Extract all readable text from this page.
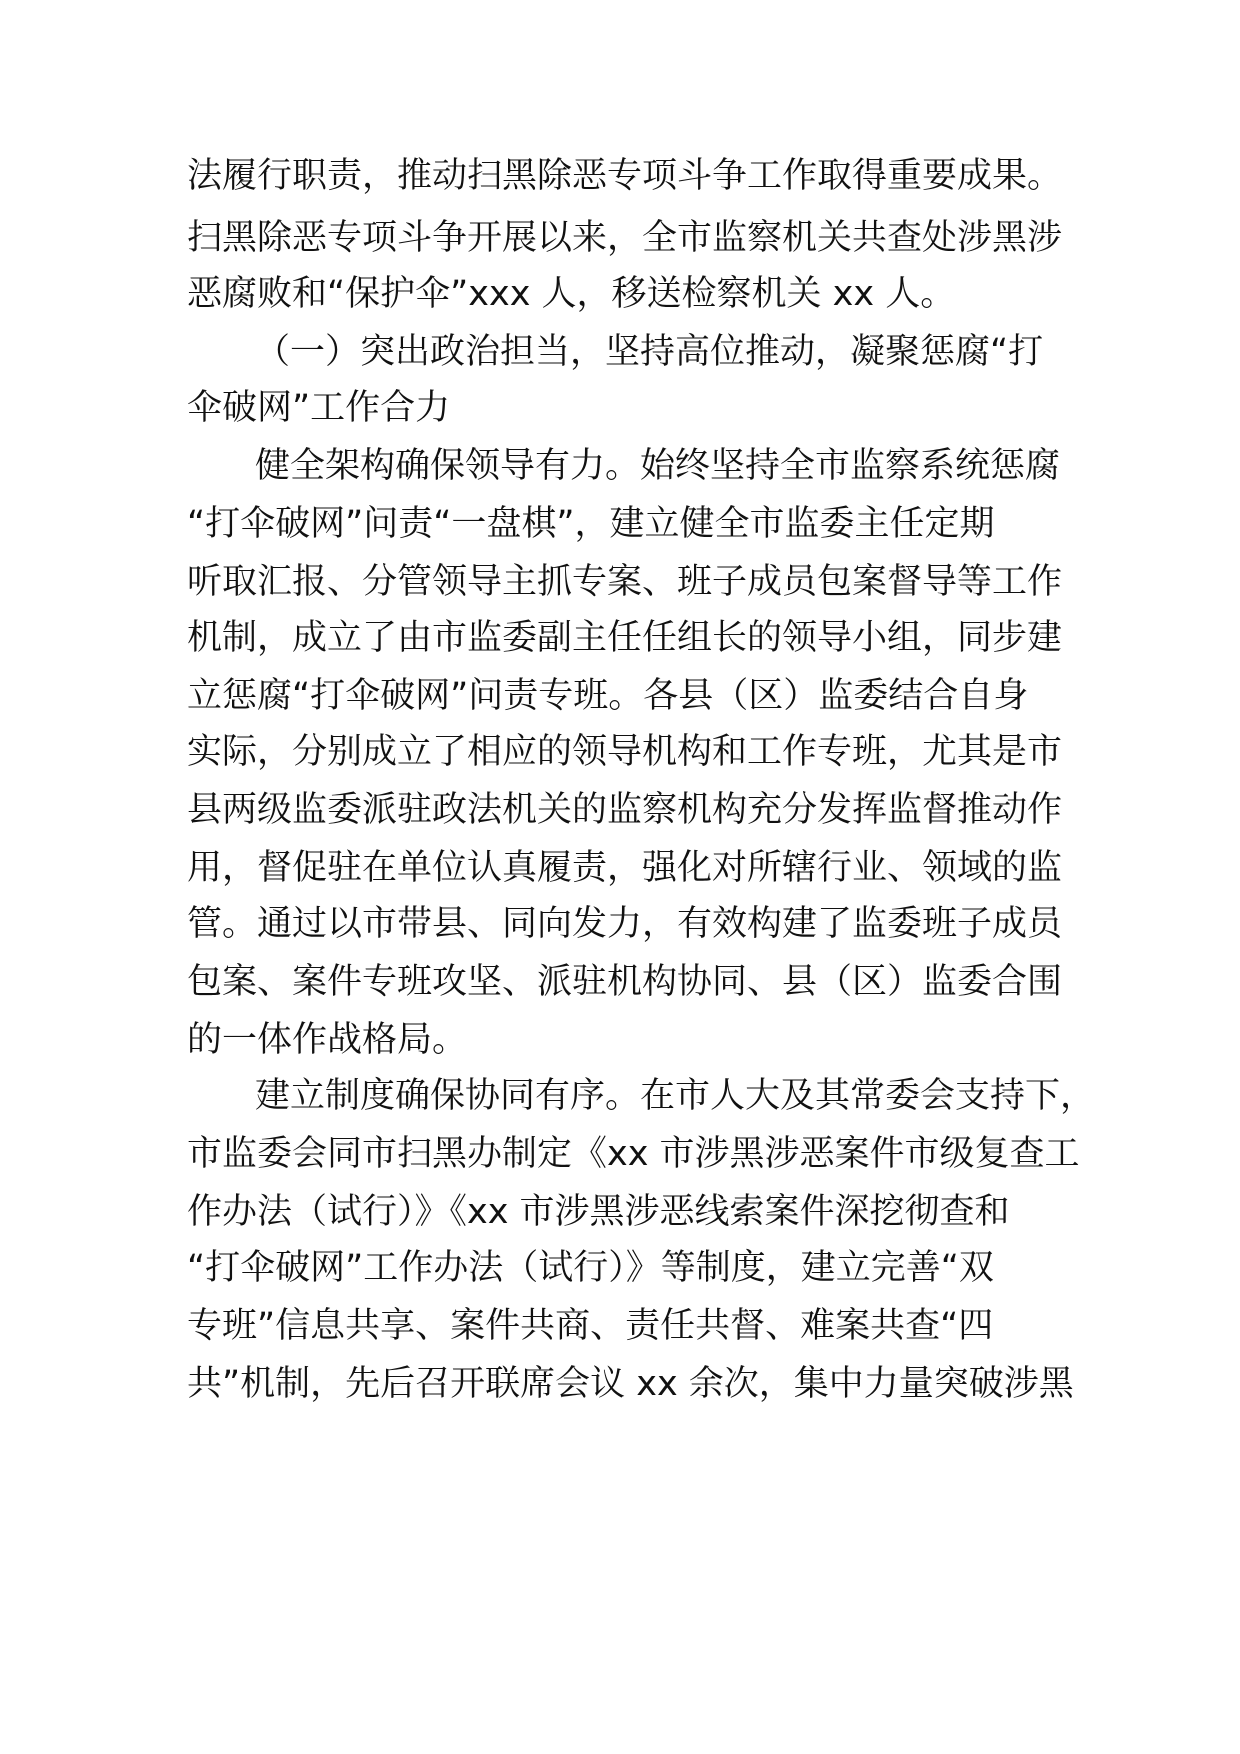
法履行职责，推动扫黑除恶专项斗争工作取得重要成果。
扫黑除恶专项斗争开展以来，全市监察机关共查处涉黑涉
恶腐败和“保护伞”xxx 人，移送检察机关 xx 人。
（一）突出政治担当，坚持高位推动，凝聚惩腐“打
伞破网”工作合力
健全架构确保领导有力。始终坚持全市监察系统惩腐
“打伞破网”问责“一盘棋”，建立健全市监委主任定期
听取汇报、分管领导主抓专案、班子成员包案督导等工作
机制，成立了由市监委副主任任组长的领导小组，同步建
立惩腐“打伞破网”问责专班。各县（区）监委结合自身
实际，分别成立了相应的领导机构和工作专班，尤其是市
县两级监委派驻政法机关的监察机构充分发挥监督推动作
用，督促驻在单位认真履责，强化对所辖行业、领域的监
管。通过以市带县、同向发力，有效构建了监委班子成员
包案、案件专班攻坚、派驻机构协同、县（区）监委合围
的一体作战格局。
建立制度确保协同有序。在市人大及其常委会支持下，
市监委会同市扫黑办制定《xx 市涉黑涉恶案件市级复查工
作办法（试行）》《xx 市涉黑涉恶线索案件深挖彻查和
“打伞破网”工作办法（试行）》等制度，建立完善“双
专班”信息共享、案件共商、责任共督、难案共查“四
共”机制，先后召开联席会议 xx 余次，集中力量突破涉黑
